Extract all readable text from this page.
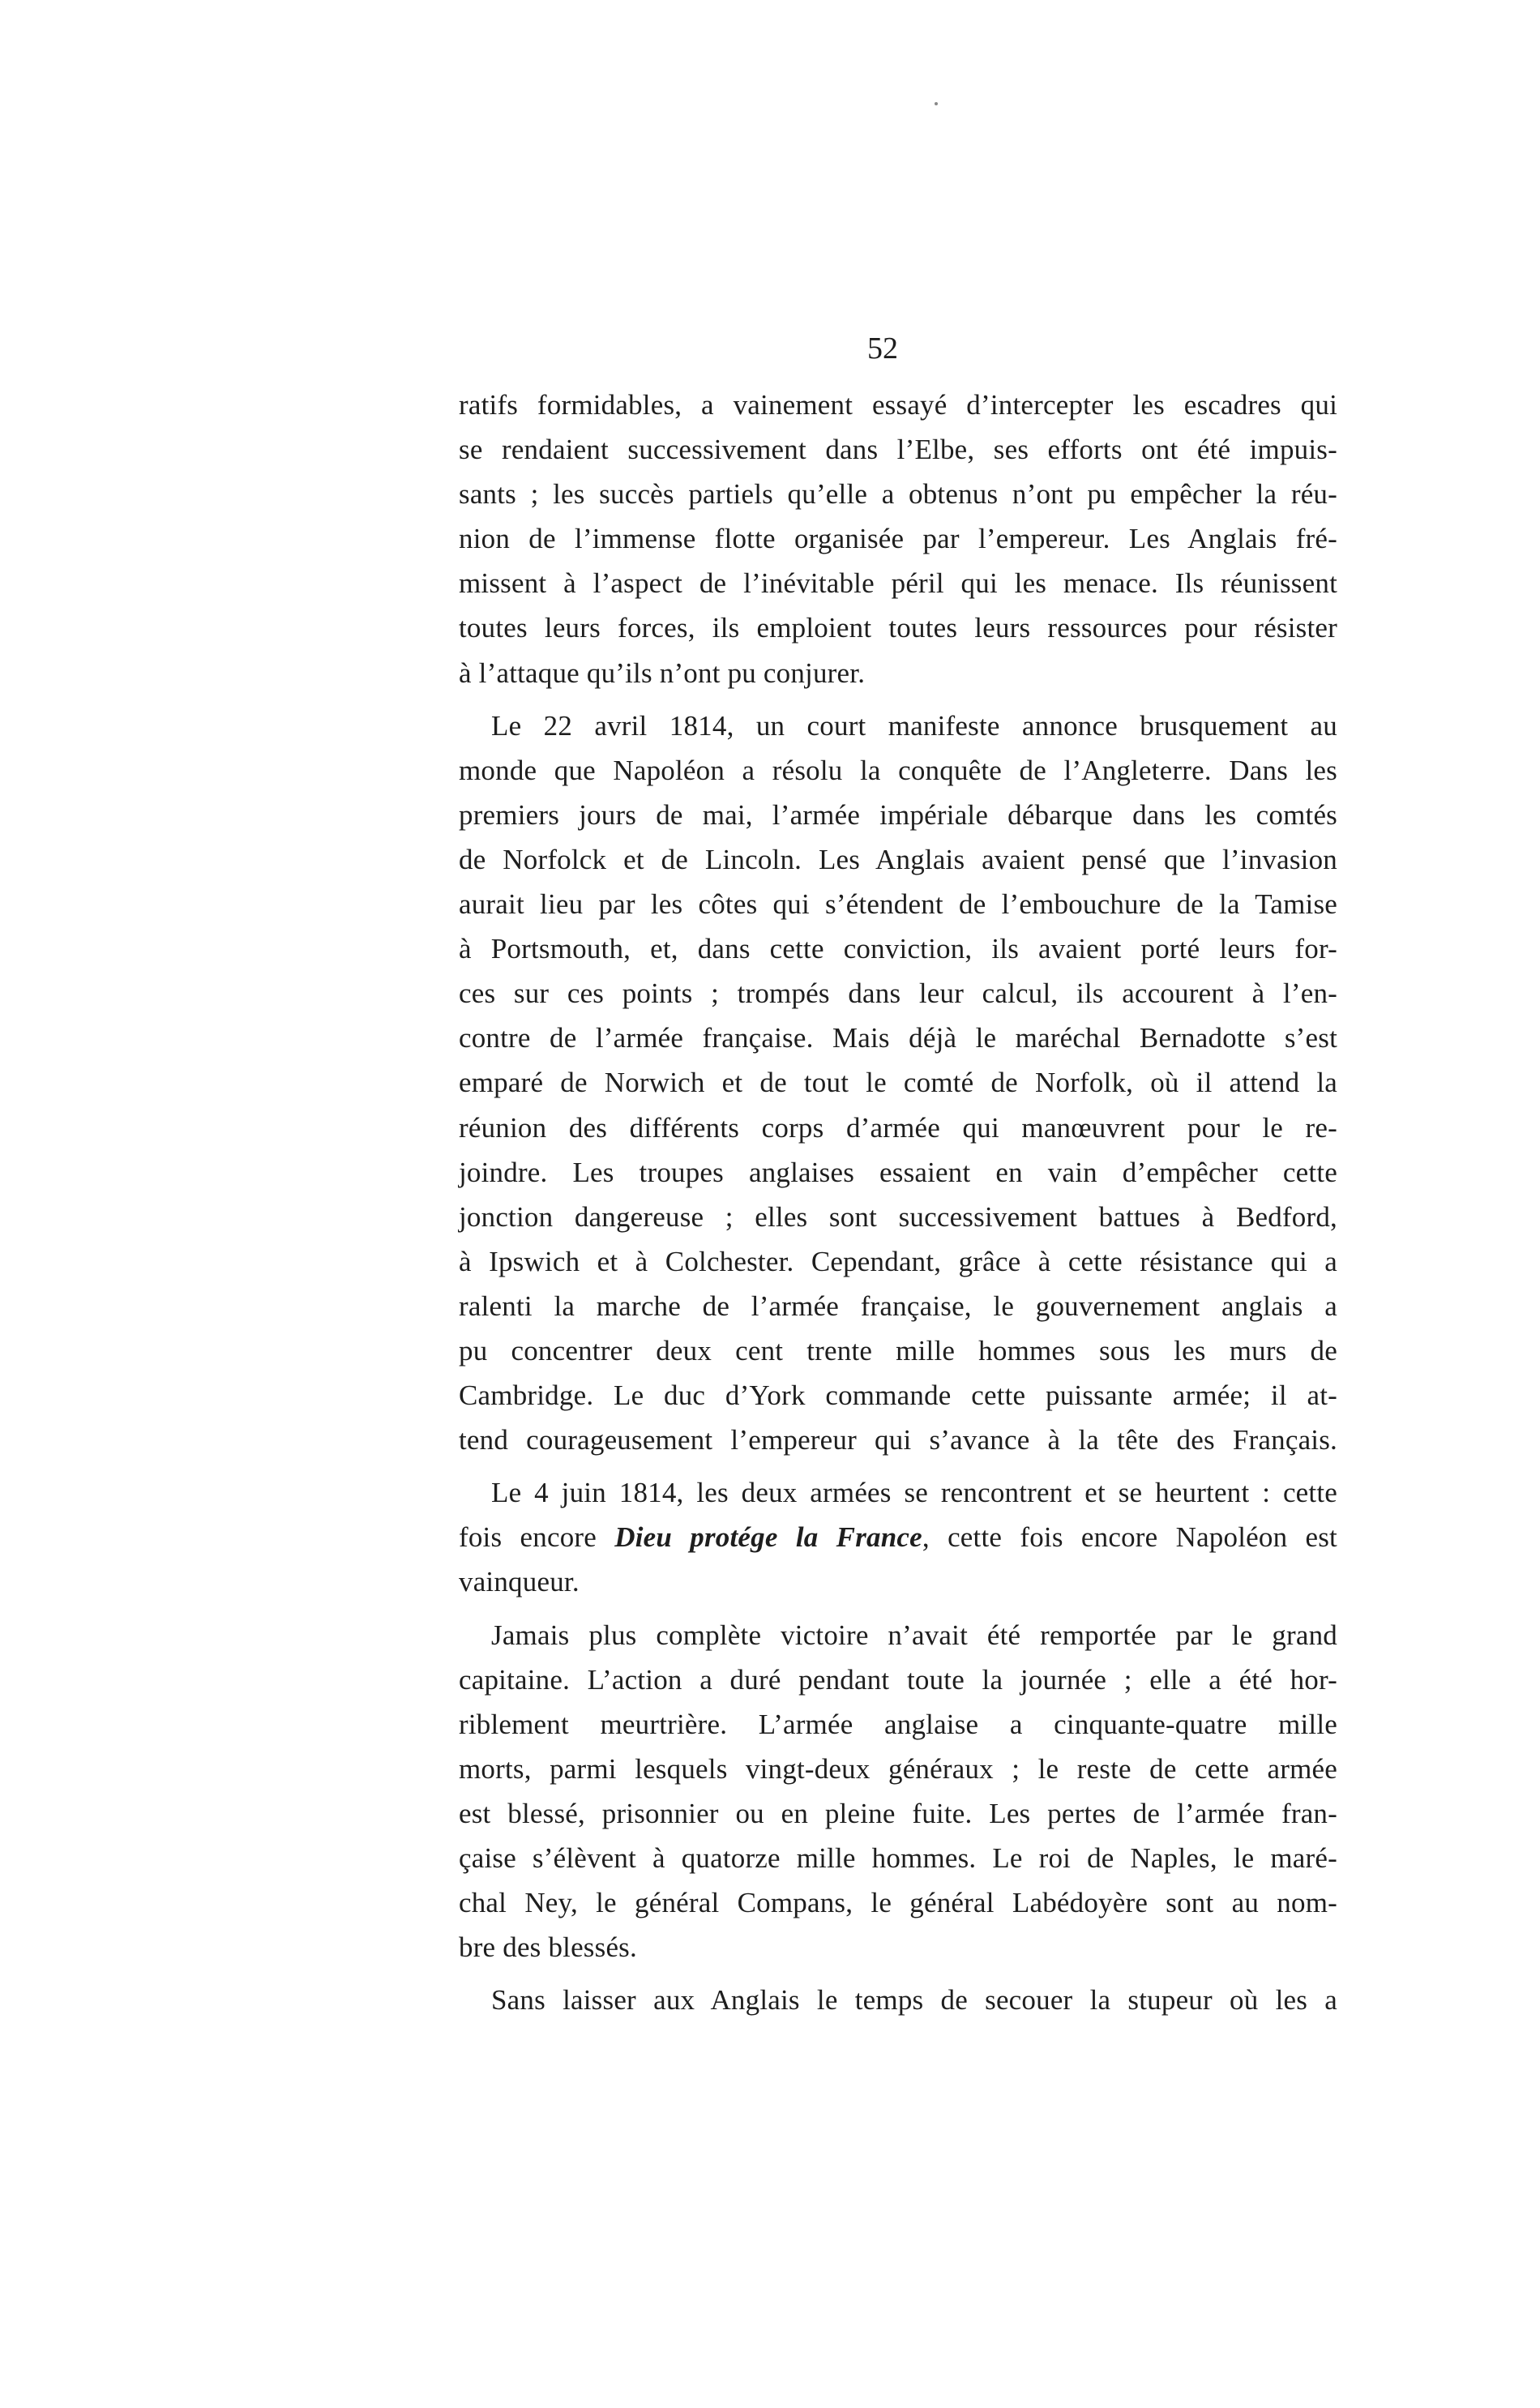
52
ratifs formidables, a vainement essayé d’intercepter les escadres qui
se rendaient successivement dans l’Elbe, ses efforts ont été impuis-
sants ; les succès partiels qu’elle a obtenus n’ont pu empêcher la réu-
nion de l’immense flotte organisée par l’empereur. Les Anglais fré-
missent à l’aspect de l’inévitable péril qui les menace. Ils réunissent
toutes leurs forces, ils emploient toutes leurs ressources pour résister
à l’attaque qu’ils n’ont pu conjurer.
Le 22 avril 1814, un court manifeste annonce brusquement au
monde que Napoléon a résolu la conquête de l’Angleterre. Dans les
premiers jours de mai, l’armée impériale débarque dans les comtés
de Norfolck et de Lincoln. Les Anglais avaient pensé que l’invasion
aurait lieu par les côtes qui s’étendent de l’embouchure de la Tamise
à Portsmouth, et, dans cette conviction, ils avaient porté leurs for-
ces sur ces points ; trompés dans leur calcul, ils accourent à l’en-
contre de l’armée française. Mais déjà le maréchal Bernadotte s’est
emparé de Norwich et de tout le comté de Norfolk, où il attend la
réunion des différents corps d’armée qui manœuvrent pour le re-
joindre. Les troupes anglaises essaient en vain d’empêcher cette
jonction dangereuse ; elles sont successivement battues à Bedford,
à Ipswich et à Colchester. Cependant, grâce à cette résistance qui a
ralenti la marche de l’armée française, le gouvernement anglais a
pu concentrer deux cent trente mille hommes sous les murs de
Cambridge. Le duc d’York commande cette puissante armée; il at-
tend courageusement l’empereur qui s’avance à la tête des Français.
Le 4 juin 1814, les deux armées se rencontrent et se heurtent : cette
fois encore Dieu protége la France, cette fois encore Napoléon est
vainqueur.
Jamais plus complète victoire n’avait été remportée par le grand
capitaine. L’action a duré pendant toute la journée ; elle a été hor-
riblement meurtrière. L’armée anglaise a cinquante-quatre mille
morts, parmi lesquels vingt-deux généraux ; le reste de cette armée
est blessé, prisonnier ou en pleine fuite. Les pertes de l’armée fran-
çaise s’élèvent à quatorze mille hommes. Le roi de Naples, le maré-
chal Ney, le général Compans, le général Labédoyère sont au nom-
bre des blessés.
Sans laisser aux Anglais le temps de secouer la stupeur où les a
